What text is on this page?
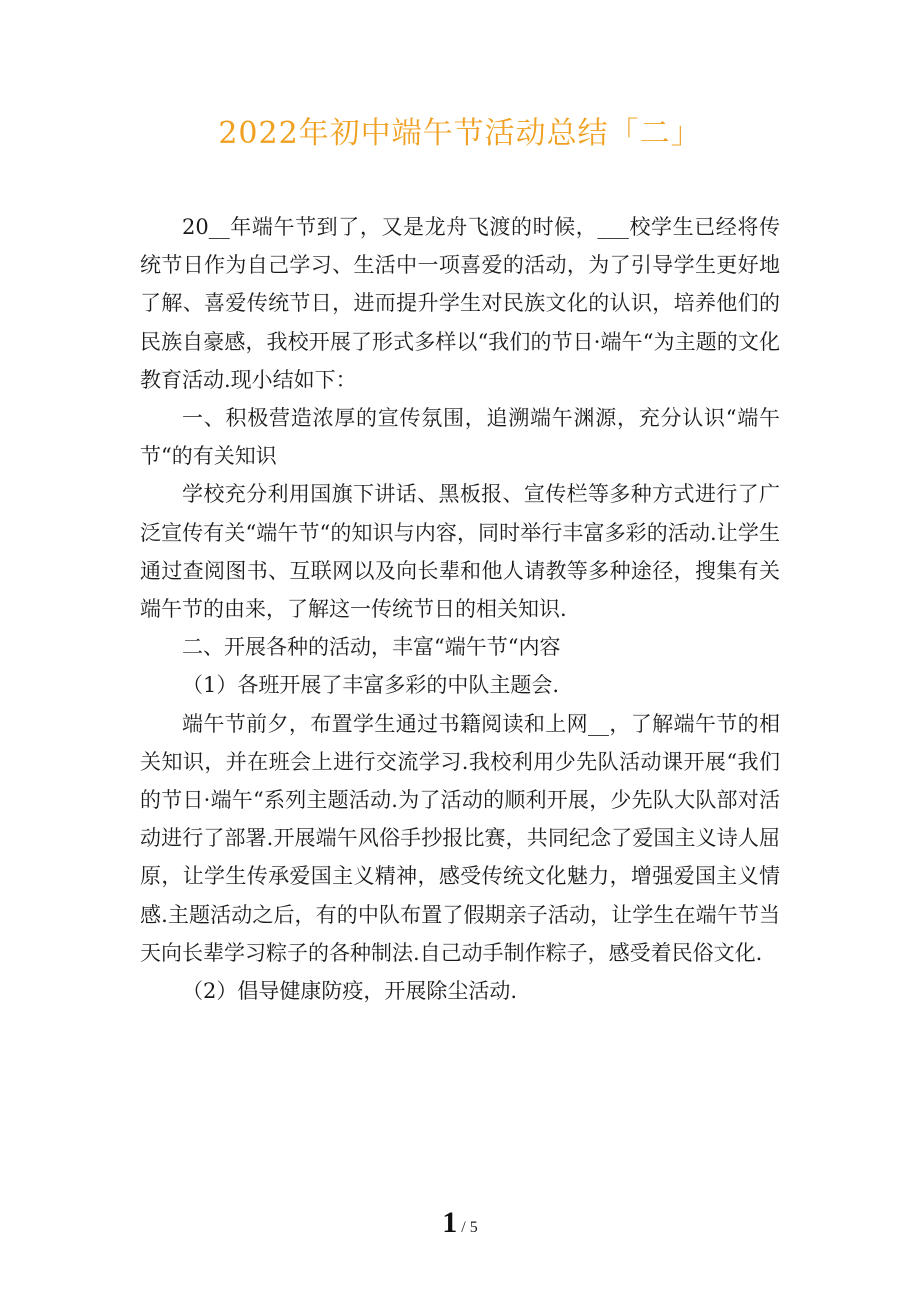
2022年初中端午节活动总结「二」

20__年端午节到了，又是龙舟飞渡的时候，___校学生已经将传统节日作为自己学习、生活中一项喜爱的活动，为了引导学生更好地了解、喜爱传统节日，进而提升学生对民族文化的认识，培养他们的民族自豪感，我校开展了形式多样以“我们的节日·端午“为主题的文化教育活动.现小结如下：

一、积极营造浓厚的宣传氛围，追溯端午渊源，充分认识“端午节“的有关知识

学校充分利用国旗下讲话、黑板报、宣传栏等多种方式进行了广泛宣传有关“端午节“的知识与内容，同时举行丰富多彩的活动.让学生通过查阅图书、互联网以及向长辈和他人请教等多种途径，搜集有关端午节的由来，了解这一传统节日的相关知识.

二、开展各种的活动，丰富“端午节“内容

（1）各班开展了丰富多彩的中队主题会.

端午节前夕，布置学生通过书籍阅读和上网__，了解端午节的相关知识，并在班会上进行交流学习.我校利用少先队活动课开展“我们的节日·端午“系列主题活动.为了活动的顺利开展，少先队大队部对活动进行了部署.开展端午风俗手抄报比赛，共同纪念了爱国主义诗人屈原，让学生传承爱国主义精神，感受传统文化魅力，增强爱国主义情感.主题活动之后，有的中队布置了假期亲子活动，让学生在端午节当天向长辈学习粽子的各种制法.自己动手制作粽子，感受着民俗文化.

（2）倡导健康防疫，开展除尘活动.

1 / 5
